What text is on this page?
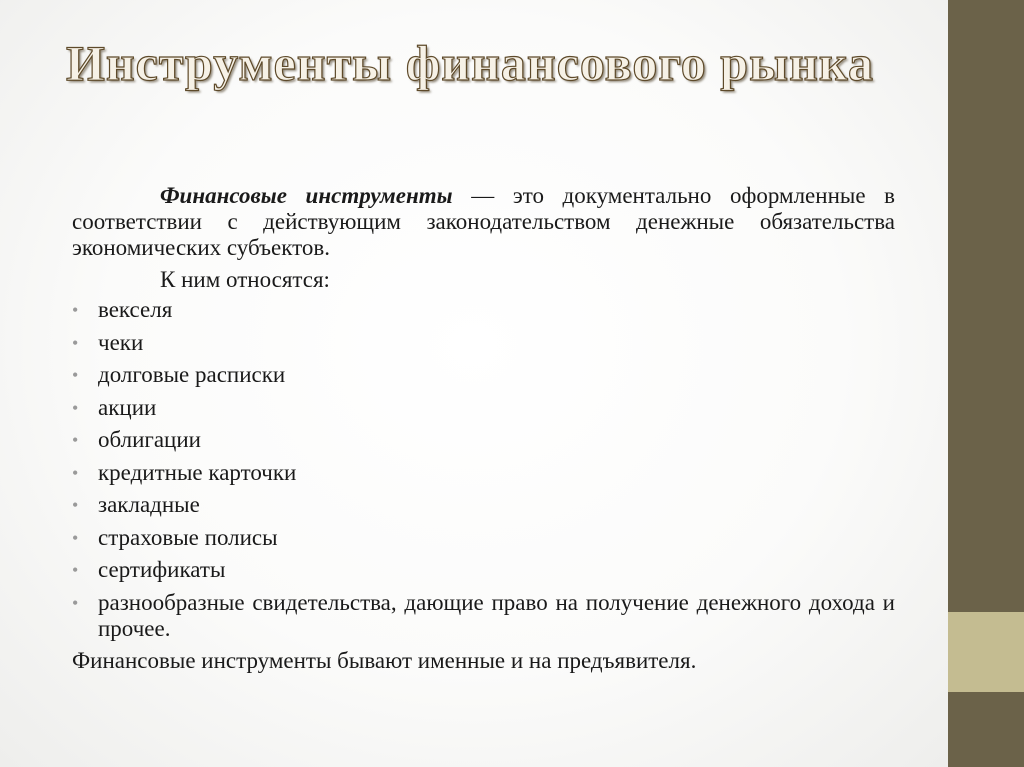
Инструменты финансового рынка

Финансовые инструменты — это документально оформленные в соответствии с действующим законодательством денежные обязательства экономических субъектов.

К ним относятся:
• векселя
• чеки
• долговые расписки
• акции
• облигации
• кредитные карточки
• закладные
• страховые полисы
• сертификаты
• разнообразные свидетельства, дающие право на получение денежного дохода и прочее.
Финансовые инструменты бывают именные и на предъявителя.
